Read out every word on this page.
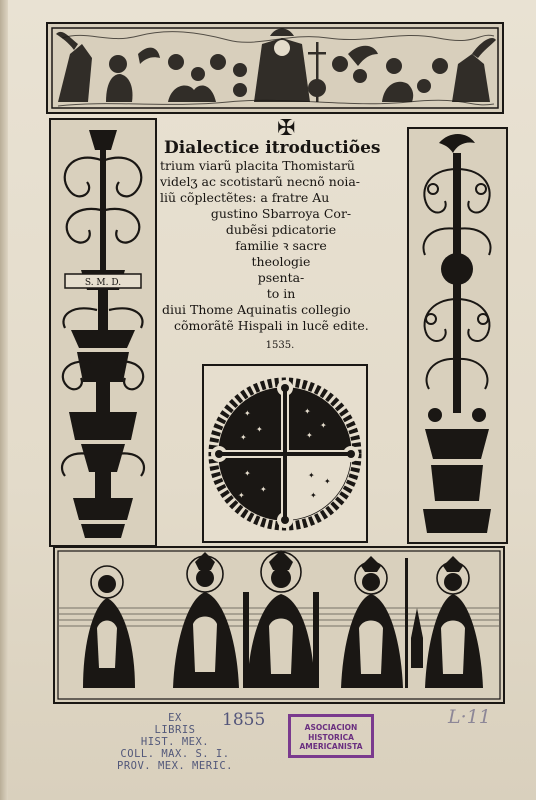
S. M. D.
✠
Dialectice itroductiões
trium viarũ placita Thomistarũ
videlʒ ac scotistarũ necnõ noia-
liũ cõplectẽtes: a fratre Au
gustino Sbarroya Cor-
dubẽsi pdicatorie
familie ꝛ sacre
theologie
psenta-
to in
diui Thome Aquinatis collegio
cõmorãtẽ Hispali in lucẽ edite.
1535.
✦
✦
✦
✦
✦
✦
✦
✦
✦
✦
✦
✦
EX
LIBRIS
HIST. MEX.
COLL. MAX. S. I.
PROV. MEX. MERIC.
1855	ASOCIACION
HISTORICA
AMERICANISTA
L·11
